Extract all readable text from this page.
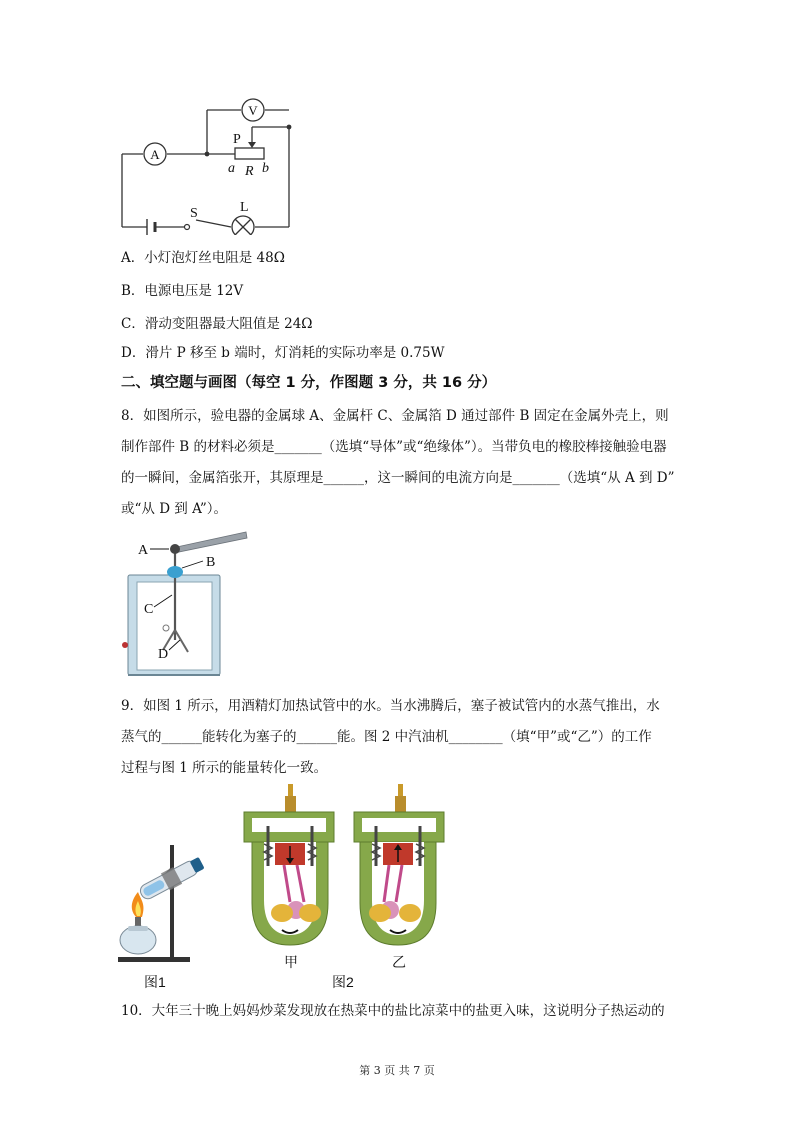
A
V
P
a R b
S	L
A．小灯泡灯丝电阻是 48Ω
B．电源电压是 12V
C．滑动变阻器最大阻值是 24Ω
D．滑片 P 移至 b 端时，灯消耗的实际功率是 0.75W
二、填空题与画图（每空 1 分，作图题 3 分，共 16 分）
8．如图所示，验电器的金属球 A、金属杆 C、金属箔 D 通过部件 B 固定在金属外壳上，则
制作部件 B 的材料必须是_______（选填“导体”或“绝缘体”）。当带负电的橡胶棒接触验电器
的一瞬间，金属箔张开，其原理是______，这一瞬间的电流方向是_______（选填“从 A 到 D”
或“从 D 到 A”）。
A
B
C
D
9．如图 1 所示，用酒精灯加热试管中的水。当水沸腾后，塞子被试管内的水蒸气推出，水
蒸气的______能转化为塞子的______能。图 2 中汽油机________（填“甲”或“乙”）的工作
过程与图 1 所示的能量转化一致。
图1
甲	乙
图2
10．大年三十晚上妈妈炒菜发现放在热菜中的盐比凉菜中的盐更入味，这说明分子热运动的
第 3 页 共 7 页
